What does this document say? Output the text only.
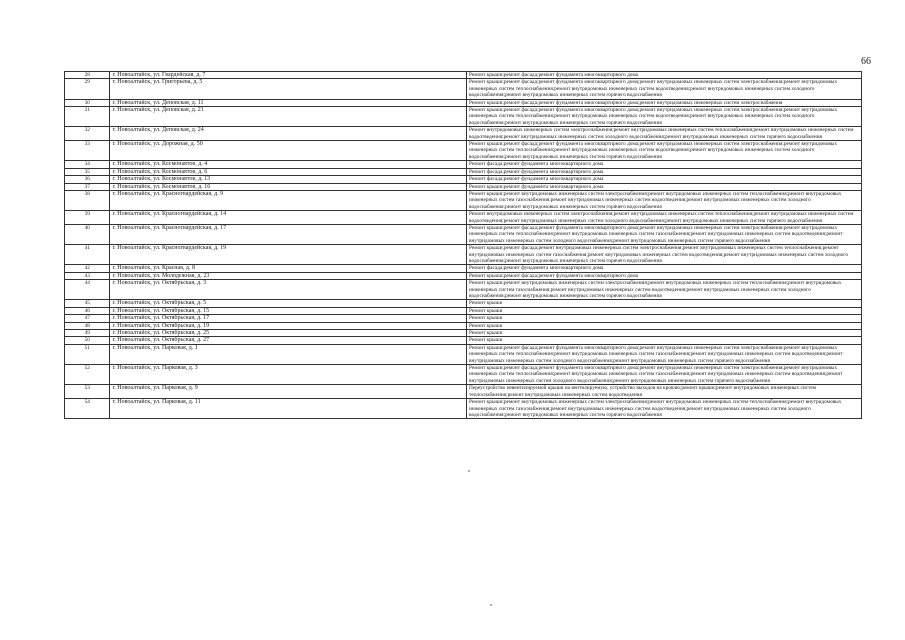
66
28	г. Новоалтайск, ул. Гвардейская, д. 7	Ремонт крыши;ремонт фасада;ремонт фундамента многоквартирного дома
29	г. Новоалтайск, ул. Григорьева, д. 5	Ремонт крыши;ремонт фасада;ремонт фундамента многоквартирного дома;ремонт внутридомовых инженерных систем электроснабжения;ремонт внутридомовых инженерных систем теплоснабжения;ремонт внутридомовых инженерных систем водоотведения;ремонт внутридомовых инженерных систем холодного водоснабжения;ремонт внутридомовых инженерных систем горячего водоснабжения
30	г. Новоалтайск, ул. Деповская, д. 11	Ремонт крыши;ремонт фасада;ремонт фундамента многоквартирного дома;ремонт внутридомовых инженерных систем электроснабжения
31	г. Новоалтайск, ул. Деповская, д. 21	Ремонт крыши;ремонт фасада;ремонт фундамента многоквартирного дома;ремонт внутридомовых инженерных систем электроснабжения;ремонт внутридомовых инженерных систем теплоснабжения;ремонт внутридомовых инженерных систем водоотведения;ремонт внутридомовых инженерных систем холодного водоснабжения;ремонт внутридомовых инженерных систем горячего водоснабжения
32	г. Новоалтайск, ул. Деповская, д. 24	Ремонт внутридомовых инженерных систем электроснабжения;ремонт внутридомовых инженерных систем теплоснабжения;ремонт внутридомовых инженерных систем водоотведения;ремонт внутридомовых инженерных систем холодного водоснабжения;ремонт внутридомовых инженерных систем горячего водоснабжения
33	г. Новоалтайск, ул. Дорожная, д. 50	Ремонт крыши;ремонт фасада;ремонт фундамента многоквартирного дома;ремонт внутридомовых инженерных систем электроснабжения;ремонт внутридомовых инженерных систем теплоснабжения;ремонт внутридомовых инженерных систем водоотведения;ремонт внутридомовых инженерных систем холодного водоснабжения;ремонт внутридомовых инженерных систем горячего водоснабжения
34	г. Новоалтайск, ул. Космонавтов, д. 4	Ремонт фасада;ремонт фундамента многоквартирного дома
35	г. Новоалтайск, ул. Космонавтов, д. 6	Ремонт фасада;ремонт фундамента многоквартирного дома
36	г. Новоалтайск, ул. Космонавтов, д. 13	Ремонт фасада;ремонт фундамента многоквартирного дома
37	г. Новоалтайск, ул. Космонавтов, д. 16	Ремонт крыши;ремонт фундамента многоквартирного дома
38	г. Новоалтайск, ул. Красногвардейская, д. 9	Ремонт крыши;ремонт внутридомовых инженерных систем электроснабжения;ремонт внутридомовых инженерных систем теплоснабжения;ремонт внутридомовых инженерных систем газоснабжения;ремонт внутридомовых инженерных систем водоотведения;ремонт внутридомовых инженерных систем холодного водоснабжения;ремонт внутридомовых инженерных систем горячего водоснабжения
39	г. Новоалтайск, ул. Красногвардейская, д. 14	Ремонт внутридомовых инженерных систем электроснабжения;ремонт внутридомовых инженерных систем теплоснабжения;ремонт внутридомовых инженерных систем водоотведения;ремонт внутридомовых инженерных систем холодного водоснабжения;ремонт внутридомовых инженерных систем горячего водоснабжения
40	г. Новоалтайск, ул. Красногвардейская, д. 17	Ремонт крыши;ремонт фасада;ремонт фундамента многоквартирного дома;ремонт внутридомовых инженерных систем электроснабжения;ремонт внутридомовых инженерных систем теплоснабжения;ремонт внутридомовых инженерных систем газоснабжения;ремонт внутридомовых инженерных систем водоотведения;ремонт внутридомовых инженерных систем холодного водоснабжения;ремонт внутридомовых инженерных систем горячего водоснабжения
41	г. Новоалтайск, ул. Красногвардейская, д. 19	Ремонт крыши;ремонт фасада;ремонт внутридомовых инженерных систем электроснабжения;ремонт внутридомовых инженерных систем теплоснабжения;ремонт внутридомовых инженерных систем газоснабжения;ремонт внутридомовых инженерных систем водоотведения;ремонт внутридомовых инженерных систем холодного водоснабжения;ремонт внутридомовых инженерных систем горячего водоснабжения
42	г. Новоалтайск, ул. Красная, д. 8	Ремонт фасада;ремонт фундамента многоквартирного дома
43	г. Новоалтайск, ул. Молодежная, д. 23	Ремонт крыши;ремонт фасада;ремонт фундамента многоквартирного дома
44	г. Новоалтайск, ул. Октябрьская, д. 3	Ремонт крыши;ремонт внутридомовых инженерных систем электроснабжения;ремонт внутридомовых инженерных систем теплоснабжения;ремонт внутридомовых инженерных систем газоснабжения;ремонт внутридомовых инженерных систем водоотведения;ремонт внутридомовых инженерных систем холодного водоснабжения;ремонт внутридомовых инженерных систем горячего водоснабжения
45	г. Новоалтайск, ул. Октябрьская, д. 5	Ремонт крыши
46	г. Новоалтайск, ул. Октябрьская, д. 15	Ремонт крыши
47	г. Новоалтайск, ул. Октябрьская, д. 17	Ремонт крыши
48	г. Новоалтайск, ул. Октябрьская, д. 19	Ремонт крыши
49	г. Новоалтайск, ул. Октябрьская, д. 25	Ремонт крыши
50	г. Новоалтайск, ул. Октябрьская, д. 27	Ремонт крыши
51	г. Новоалтайск, ул. Парковая, д. 1	Ремонт крыши;ремонт фасада;ремонт фундамента многоквартирного дома;ремонт внутридомовых инженерных систем электроснабжения;ремонт внутридомовых инженерных систем теплоснабжения;ремонт внутридомовых инженерных систем газоснабжения;ремонт внутридомовых инженерных систем водоотведения;ремонт внутридомовых инженерных систем холодного водоснабжения;ремонт внутридомовых инженерных систем горячего водоснабжения
52	г. Новоалтайск, ул. Парковая, д. 3	Ремонт крыши;ремонт фасада;ремонт фундамента многоквартирного дома;ремонт внутридомовых инженерных систем электроснабжения;ремонт внутридомовых инженерных систем теплоснабжения;ремонт внутридомовых инженерных систем газоснабжения;ремонт внутридомовых инженерных систем водоотведения;ремонт внутридомовых инженерных систем холодного водоснабжения;ремонт внутридомовых инженерных систем горячего водоснабжения
53	г. Новоалтайск, ул. Парковая, д. 9	Переустройство невентилируемой крыши на вентилируемую, устройство выходов на кровлю;ремонт крыши;ремонт внутридомовых инженерных систем теплоснабжения;ремонт внутридомовых инженерных систем водоотведения
54	г. Новоалтайск, ул. Парковая, д. 11	Ремонт крыши;ремонт внутридомовых инженерных систем электроснабжения;ремонт внутридомовых инженерных систем теплоснабжения;ремонт внутридомовых инженерных систем газоснабжения;ремонт внутридомовых инженерных систем водоотведения;ремонт внутридомовых инженерных систем холодного водоснабжения;ремонт внутридомовых инженерных систем горячего водоснабжения
